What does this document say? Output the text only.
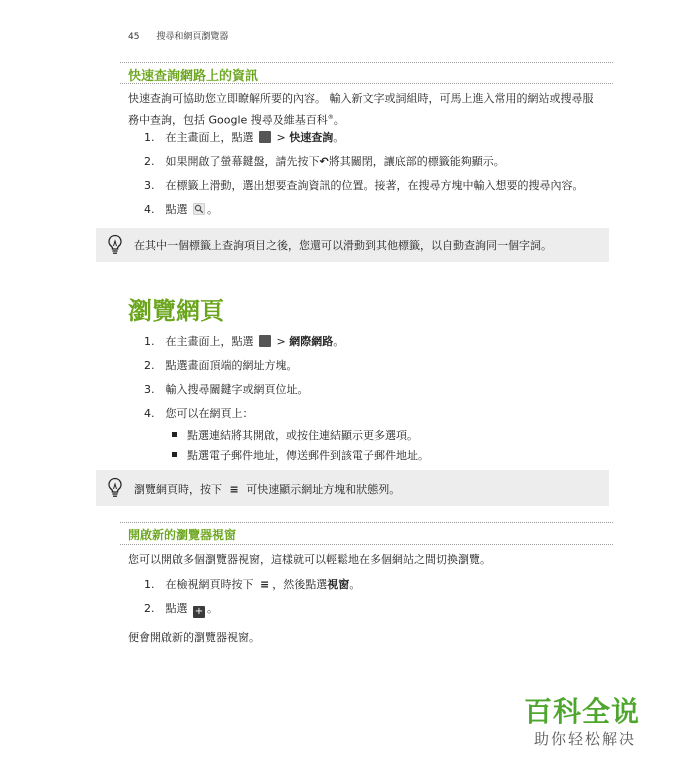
45 搜尋和網頁瀏覽器
快速查詢網路上的資訊
快速查詢可協助您立即瞭解所要的內容。 輸入新文字或詞組時，可馬上進入常用的網站或搜尋服
務中查詢，包括 Google 搜尋及維基百科®。
1. 在主畫面上，點選  > 快速查詢。
2. 如果開啟了螢幕鍵盤，請先按下↶將其關閉，讓底部的標籤能夠顯示。
3. 在標籤上滑動，選出想要查詢資訊的位置。接著，在搜尋方塊中輸入想要的搜尋內容。
4. 點選 。
在其中一個標籤上查詢項目之後，您還可以滑動到其他標籤，以自動查詢同一個字詞。
瀏覽網頁
1. 在主畫面上，點選  > 網際網路。
2. 點選畫面頂端的網址方塊。
3. 輸入搜尋關鍵字或網頁位址。
4. 您可以在網頁上：
點選連結將其開啟，或按住連結顯示更多選項。
點選電子郵件地址，傳送郵件到該電子郵件地址。
瀏覽網頁時，按下 ≡ 可快速顯示網址方塊和狀態列。
開啟新的瀏覽器視窗
您可以開啟多個瀏覽器視窗，這樣就可以輕鬆地在多個網站之間切換瀏覽。
1. 在檢視網頁時按下 ≡ ，然後點選視窗。
2. 點選 + 。
便會開啟新的瀏覽器視窗。
百科全说
助你轻松解决
